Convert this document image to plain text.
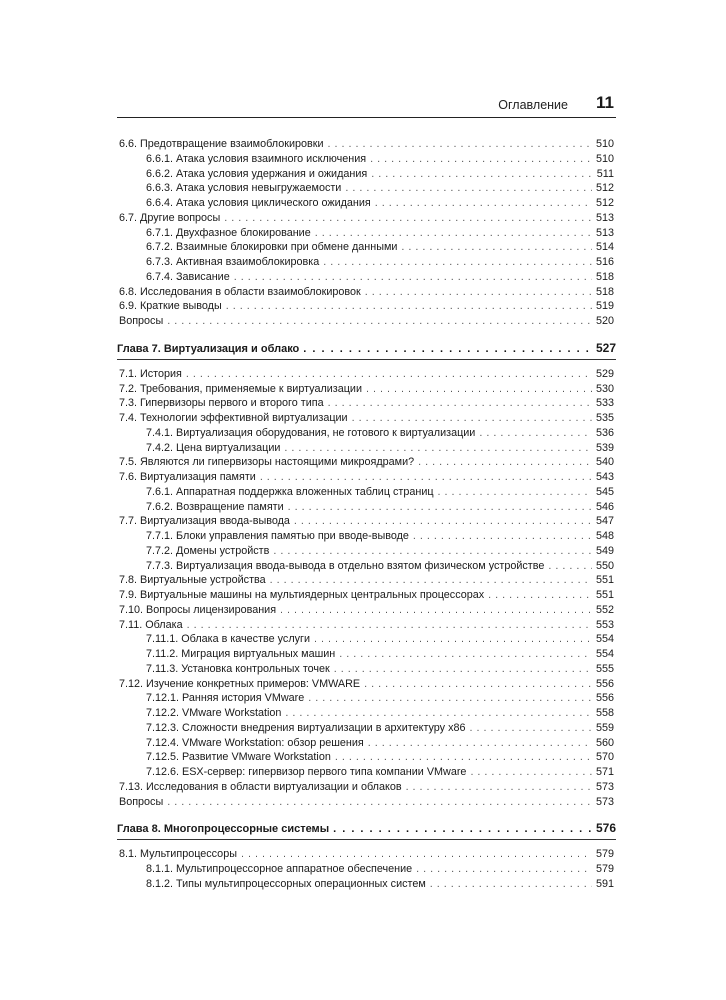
Оглавление 11
6.6. Предотвращение взаимоблокировки . . .	510
6.6.1. Атака условия взаимного исключения . . .	510
6.6.2. Атака условия удержания и ожидания . . .	511
6.6.3. Атака условия невыгружаемости . . .	512
6.6.4. Атака условия циклического ожидания . . .	512
6.7. Другие вопросы . . .	513
6.7.1. Двухфазное блокирование . . .	513
6.7.2. Взаимные блокировки при обмене данными . . .	514
6.7.3. Активная взаимоблокировка . . .	516
6.7.4. Зависание . . .	518
6.8. Исследования в области взаимоблокировок . . .	518
6.9. Краткие выводы . . .	519
Вопросы . . .	520
Глава 7. Виртуализация и облако . . .	527
7.1. История . . .	529
7.2. Требования, применяемые к виртуализации . . .	530
7.3. Гипервизоры первого и второго типа . . .	533
7.4. Технологии эффективной виртуализации . . .	535
7.4.1. Виртуализация оборудования, не готового к виртуализации . . .	536
7.4.2. Цена виртуализации . . .	539
7.5. Являются ли гипервизоры настоящими микроядрами? . . .	540
7.6. Виртуализация памяти . . .	543
7.6.1. Аппаратная поддержка вложенных таблиц страниц . . .	545
7.6.2. Возвращение памяти . . .	546
7.7. Виртуализация ввода-вывода . . .	547
7.7.1. Блоки управления памятью при вводе-выводе . . .	548
7.7.2. Домены устройств . . .	549
7.7.3. Виртуализация ввода-вывода в отдельно взятом физическом устройстве . . .	550
7.8. Виртуальные устройства . . .	551
7.9. Виртуальные машины на мультиядерных центральных процессорах . . .	551
7.10. Вопросы лицензирования . . .	552
7.11. Облака . . .	553
7.11.1. Облака в качестве услуги . . .	554
7.11.2. Миграция виртуальных машин . . .	554
7.11.3. Установка контрольных точек . . .	555
7.12. Изучение конкретных примеров: VMWARE . . .	556
7.12.1. Ранняя история VMware . . .	556
7.12.2. VMware Workstation . . .	558
7.12.3. Сложности внедрения виртуализации в архитектуру x86 . . .	559
7.12.4. VMware Workstation: обзор решения . . .	560
7.12.5. Развитие VMware Workstation . . .	570
7.12.6. ESX-сервер: гипервизор первого типа компании VMware . . .	571
7.13. Исследования в области виртуализации и облаков . . .	573
Вопросы . . .	573
Глава 8. Многопроцессорные системы . . .	576
8.1. Мультипроцессоры . . .	579
8.1.1. Мультипроцессорное аппаратное обеспечение . . .	579
8.1.2. Типы мультипроцессорных операционных систем . . .	591
